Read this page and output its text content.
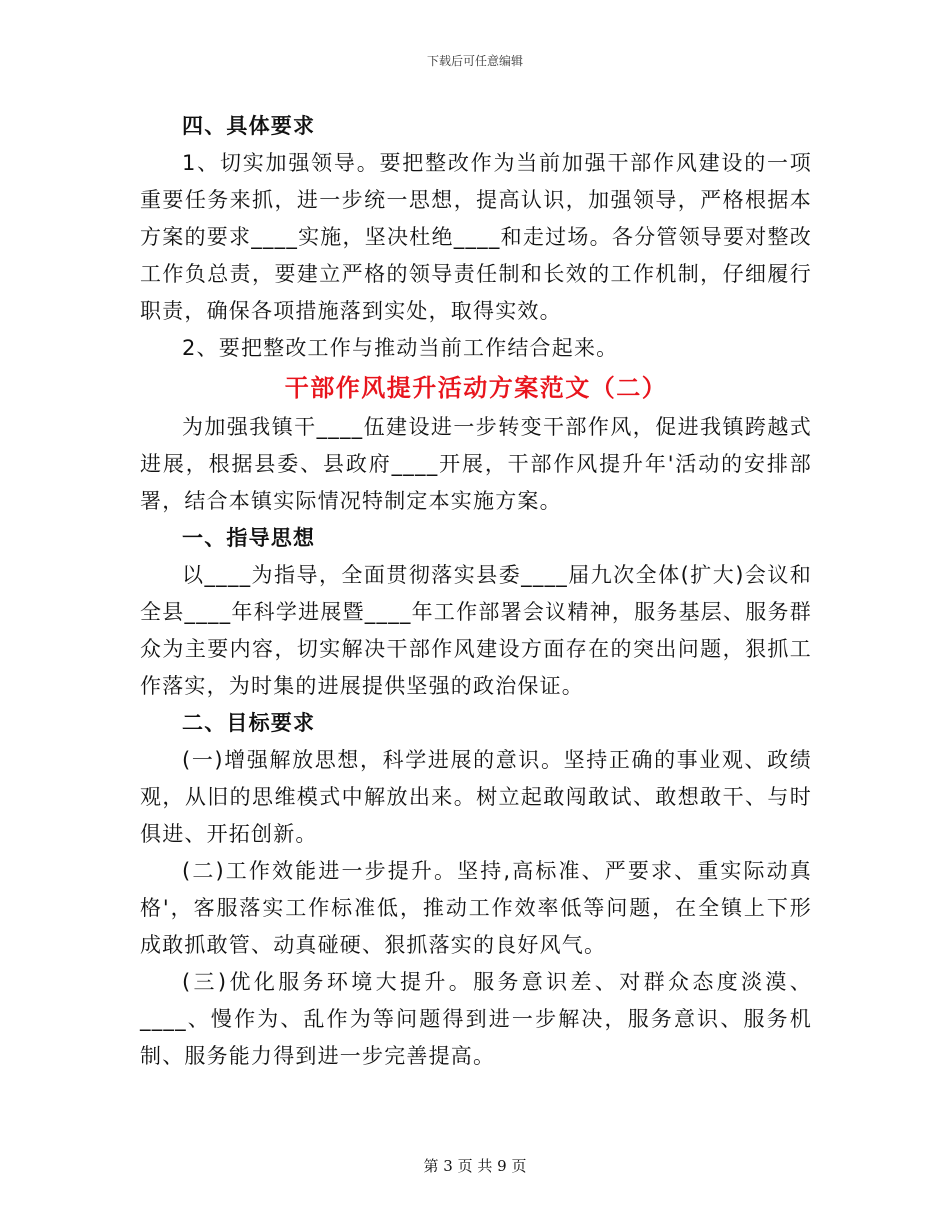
下载后可任意编辑

四、具体要求

1、切实加强领导。要把整改作为当前加强干部作风建设的一项重要任务来抓，进一步统一思想，提高认识，加强领导，严格根据本方案的要求____实施，坚决杜绝____和走过场。各分管领导要对整改工作负总责，要建立严格的领导责任制和长效的工作机制，仔细履行职责，确保各项措施落到实处，取得实效。

2、要把整改工作与推动当前工作结合起来。

干部作风提升活动方案范文（二）

为加强我镇干____伍建设进一步转变干部作风，促进我镇跨越式进展，根据县委、县政府____开展，干部作风提升年'活动的安排部署，结合本镇实际情况特制定本实施方案。

一、指导思想

以____为指导，全面贯彻落实县委____届九次全体(扩大)会议和全县____年科学进展暨____年工作部署会议精神，服务基层、服务群众为主要内容，切实解决干部作风建设方面存在的突出问题，狠抓工作落实，为时集的进展提供坚强的政治保证。

二、目标要求

(一)增强解放思想，科学进展的意识。坚持正确的事业观、政绩观，从旧的思维模式中解放出来。树立起敢闯敢试、敢想敢干、与时俱进、开拓创新。

(二)工作效能进一步提升。坚持,高标准、严要求、重实际动真格'，客服落实工作标准低，推动工作效率低等问题，在全镇上下形成敢抓敢管、动真碰硬、狠抓落实的良好风气。

(三)优化服务环境大提升。服务意识差、对群众态度淡漠、____、慢作为、乱作为等问题得到进一步解决，服务意识、服务机制、服务能力得到进一步完善提高。

第 3 页 共 9 页
